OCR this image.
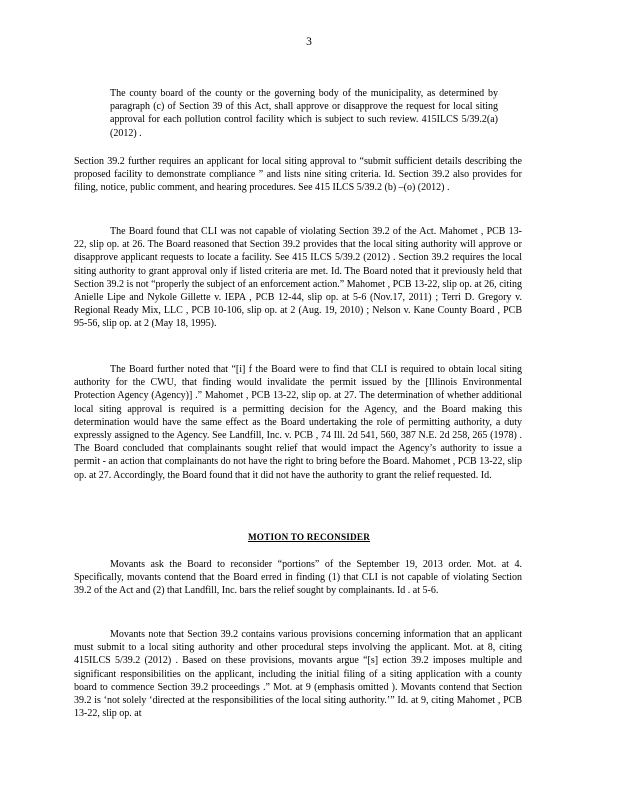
3

The county board of the county or the governing body of the municipality, as determined by paragraph (c) of Section 39 of this Act, shall approve or disapprove the request for local siting approval for each pollution control facility which is subject to such review. 415ILCS 5/39.2(a) (2012) .

Section 39.2 further requires an applicant for local siting approval to “submit sufficient details describing the proposed facility to demonstrate compliance ” and lists nine siting criteria. Id. Section 39.2 also provides for filing, notice, public comment, and hearing procedures. See 415 ILCS 5/39.2 (b) –(o) (2012) .

The Board found that CLI was not capable of violating Section 39.2 of the Act. Mahomet , PCB 13-22, slip op. at 26. The Board reasoned that Section 39.2 provides that the local siting authority will approve or disapprove applicant requests to locate a facility. See 415 ILCS 5/39.2 (2012) . Section 39.2 requires the local siting authority to grant approval only if listed criteria are met. Id. The Board noted that it previously held that Section 39.2 is not “properly the subject of an enforcement action.” Mahomet , PCB 13-22, slip op. at 26, citing Anielle Lipe and Nykole Gillette v. IEPA , PCB 12-44, slip op. at 5-6 (Nov.17, 2011) ; Terri D. Gregory v. Regional Ready Mix, LLC , PCB 10-106, slip op. at 2 (Aug. 19, 2010) ; Nelson v. Kane County Board , PCB 95-56, slip op. at 2 (May 18, 1995).

The Board further noted that “[i] f the Board were to find that CLI is required to obtain local siting authority for the CWU, that finding would invalidate the permit issued by the [Illinois Environmental Protection Agency (Agency)] .” Mahomet , PCB 13-22, slip op. at 27. The determination of whether additional local siting approval is required is a permitting decision for the Agency, and the Board making this determination would have the same effect as the Board undertaking the role of permitting authority, a duty expressly assigned to the Agency. See Landfill, Inc. v. PCB , 74 Ill. 2d 541, 560, 387 N.E. 2d 258, 265 (1978) . The Board concluded that complainants sought relief that would impact the Agency’s authority to issue a permit - an action that complainants do not have the right to bring before the Board. Mahomet , PCB 13-22, slip op. at 27. Accordingly, the Board found that it did not have the authority to grant the relief requested. Id.

MOTION TO RECONSIDER

Movants ask the Board to reconsider “portions” of the September 19, 2013 order. Mot. at 4. Specifically, movants contend that the Board erred in finding (1) that CLI is not capable of violating Section 39.2 of the Act and (2) that Landfill, Inc. bars the relief sought by complainants. Id . at 5-6.

Movants note that Section 39.2 contains various provisions concerning information that an applicant must submit to a local siting authority and other procedural steps involving the applicant. Mot. at 8, citing 415ILCS 5/39.2 (2012) . Based on these provisions, movants argue “[s] ection 39.2 imposes multiple and significant responsibilities on the applicant, including the initial filing of a siting application with a county board to commence Section 39.2 proceedings .” Mot. at 9 (emphasis omitted ). Movants contend that Section 39.2 is ‘not solely ‘directed at the responsibilities of the local siting authority.’” Id. at 9, citing Mahomet , PCB 13-22, slip op. at
